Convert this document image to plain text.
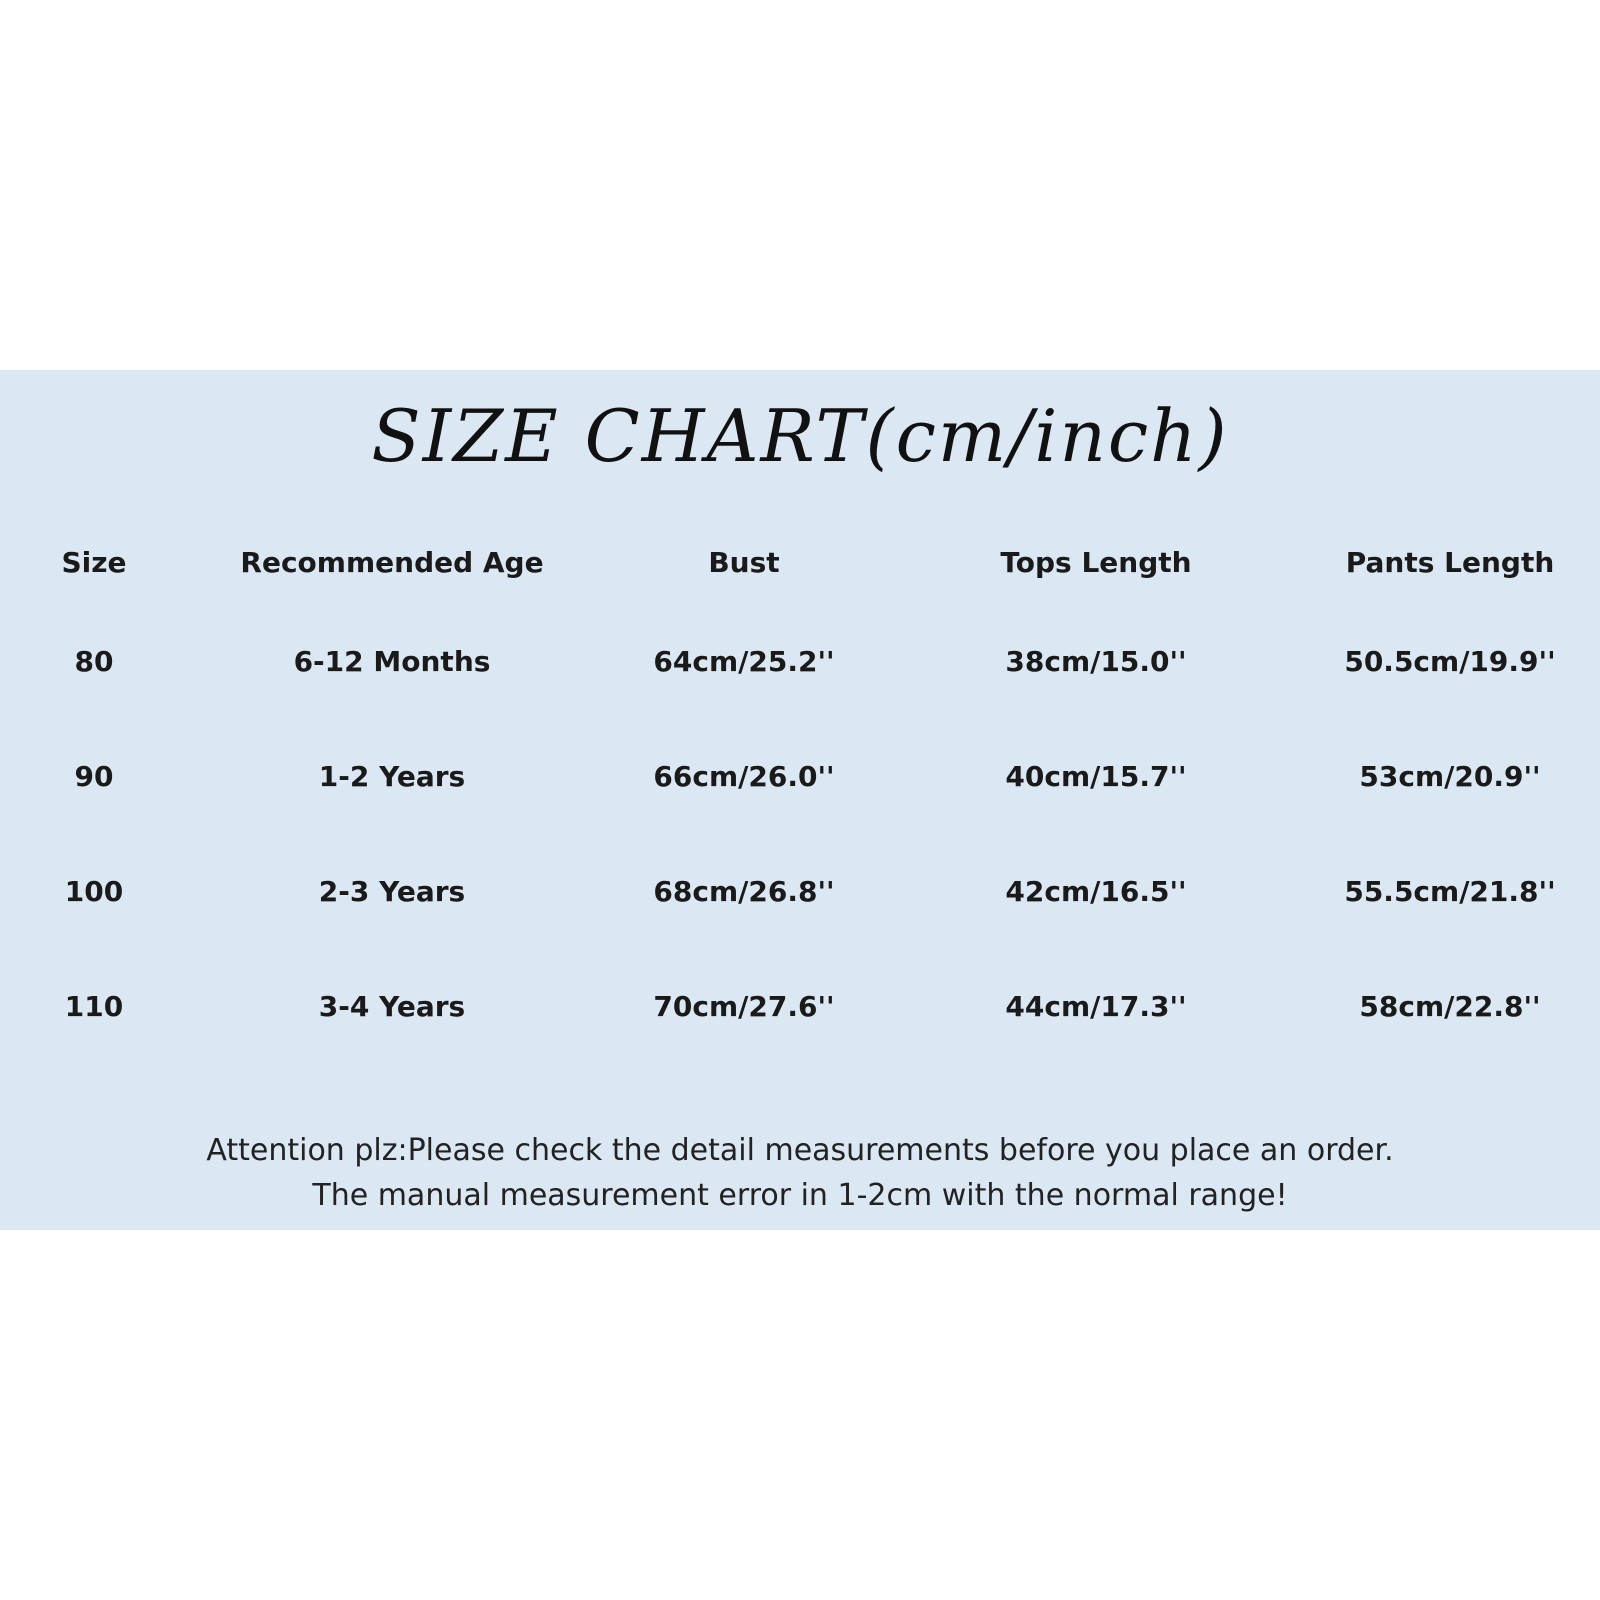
SIZE CHART(cm/inch)
Size	Recommended Age	Bust	Tops Length	Pants Length
80	6-12 Months	64cm/25.2''	38cm/15.0''	50.5cm/19.9''
90	1-2 Years	66cm/26.0''	40cm/15.7''	53cm/20.9''
100	2-3 Years	68cm/26.8''	42cm/16.5''	55.5cm/21.8''
110	3-4 Years	70cm/27.6''	44cm/17.3''	58cm/22.8''
Attention plz:Please check the detail measurements before you place an order.
The manual measurement error in 1-2cm with the normal range!
